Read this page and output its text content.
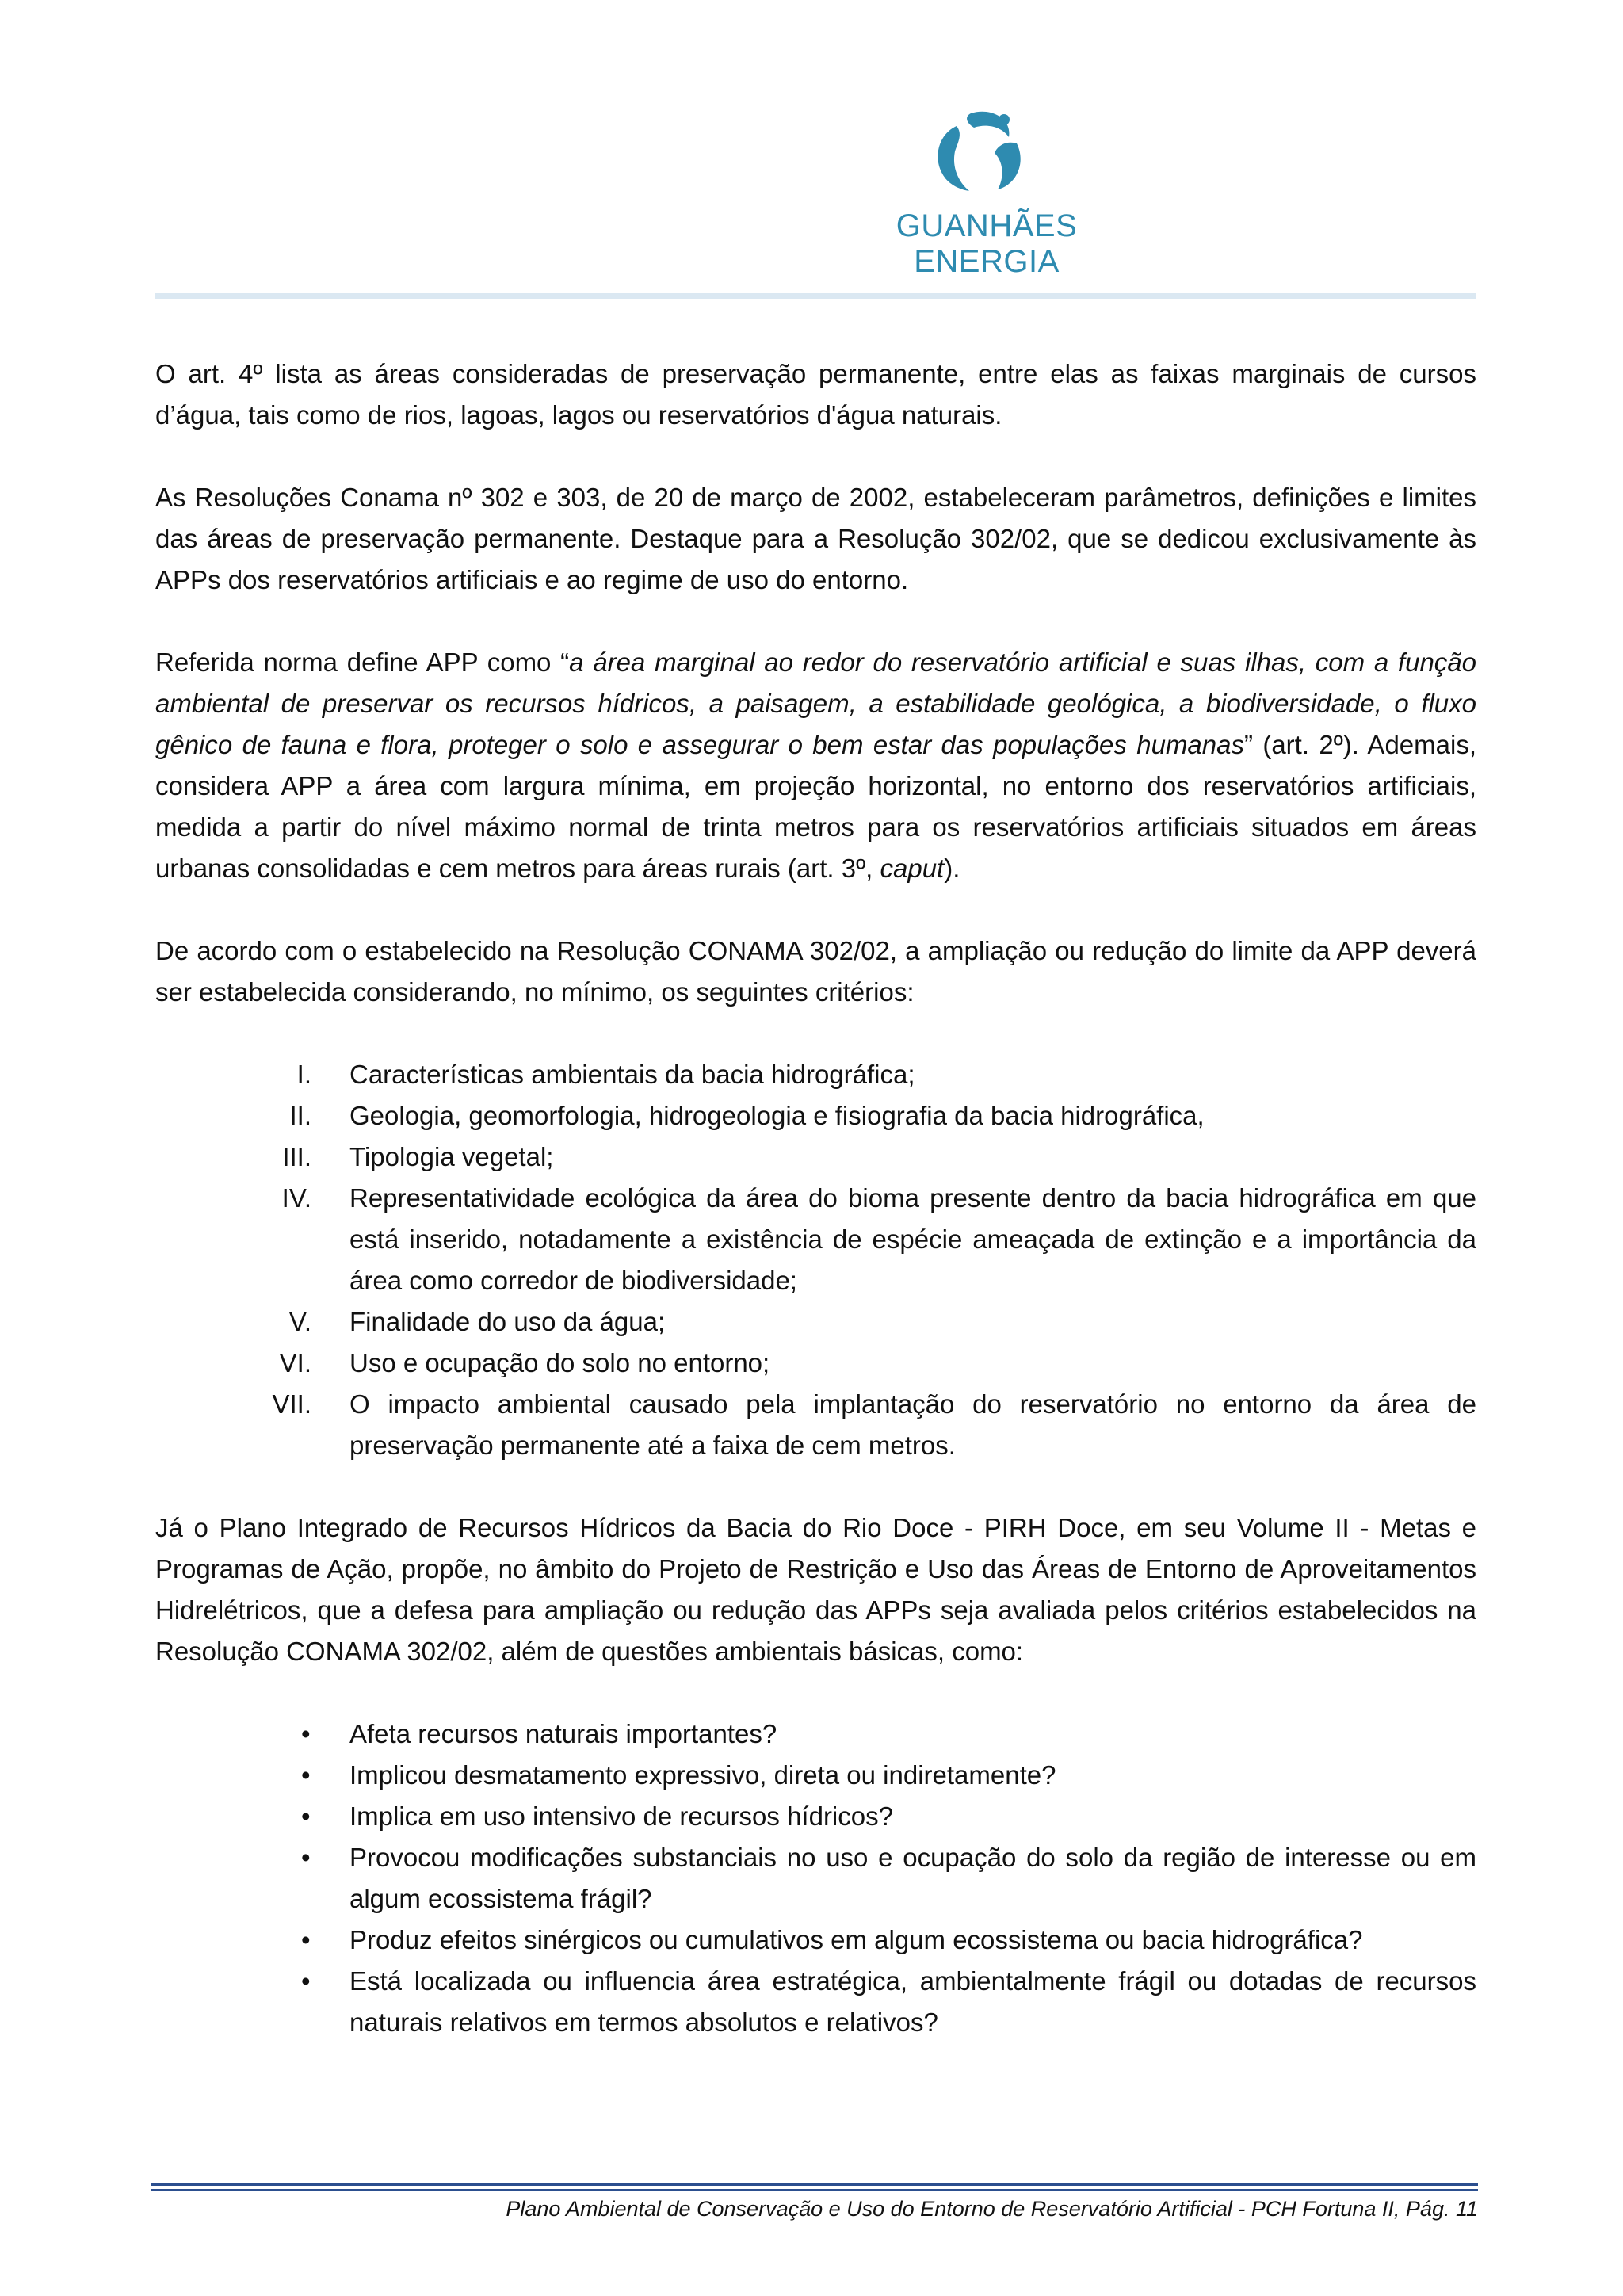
GUANHÃES ENERGIA

O art. 4º lista as áreas consideradas de preservação permanente, entre elas as faixas marginais de cursos d’água, tais como de rios, lagoas, lagos ou reservatórios d'água naturais.

As Resoluções Conama nº 302 e 303, de 20 de março de 2002, estabeleceram parâmetros, definições e limites das áreas de preservação permanente. Destaque para a Resolução 302/02, que se dedicou exclusivamente às APPs dos reservatórios artificiais e ao regime de uso do entorno.

Referida norma define APP como “a área marginal ao redor do reservatório artificial e suas ilhas, com a função ambiental de preservar os recursos hídricos, a paisagem, a estabilidade geológica, a biodiversidade, o fluxo gênico de fauna e flora, proteger o solo e assegurar o bem estar das populações humanas” (art. 2º). Ademais, considera APP a área com largura mínima, em projeção horizontal, no entorno dos reservatórios artificiais, medida a partir do nível máximo normal de trinta metros para os reservatórios artificiais situados em áreas urbanas consolidadas e cem metros para áreas rurais (art. 3º, caput).

De acordo com o estabelecido na Resolução CONAMA 302/02, a ampliação ou redução do limite da APP deverá ser estabelecida considerando, no mínimo, os seguintes critérios:

I.	Características ambientais da bacia hidrográfica;
II.	Geologia, geomorfologia, hidrogeologia e fisiografia da bacia hidrográfica,
III.	Tipologia vegetal;
IV.	Representatividade ecológica da área do bioma presente dentro da bacia hidrográfica em que está inserido, notadamente a existência de espécie ameaçada de extinção e a importância da área como corredor de biodiversidade;
V.	Finalidade do uso da água;
VI.	Uso e ocupação do solo no entorno;
VII.	O impacto ambiental causado pela implantação do reservatório no entorno da área de preservação permanente até a faixa de cem metros.

Já o Plano Integrado de Recursos Hídricos da Bacia do Rio Doce - PIRH Doce, em seu Volume II - Metas e Programas de Ação, propõe, no âmbito do Projeto de Restrição e Uso das Áreas de Entorno de Aproveitamentos Hidrelétricos, que a defesa para ampliação ou redução das APPs seja avaliada pelos critérios estabelecidos na Resolução CONAMA 302/02, além de questões ambientais básicas, como:

•	Afeta recursos naturais importantes?
•	Implicou desmatamento expressivo, direta ou indiretamente?
•	Implica em uso intensivo de recursos hídricos?
•	Provocou modificações substanciais no uso e ocupação do solo da região de interesse ou em algum ecossistema frágil?
•	Produz efeitos sinérgicos ou cumulativos em algum ecossistema ou bacia hidrográfica?
•	Está localizada ou influencia área estratégica, ambientalmente frágil ou dotadas de recursos naturais relativos em termos absolutos e relativos?
Plano Ambiental de Conservação e Uso do Entorno de Reservatório Artificial - PCH Fortuna II, Pág. 11
